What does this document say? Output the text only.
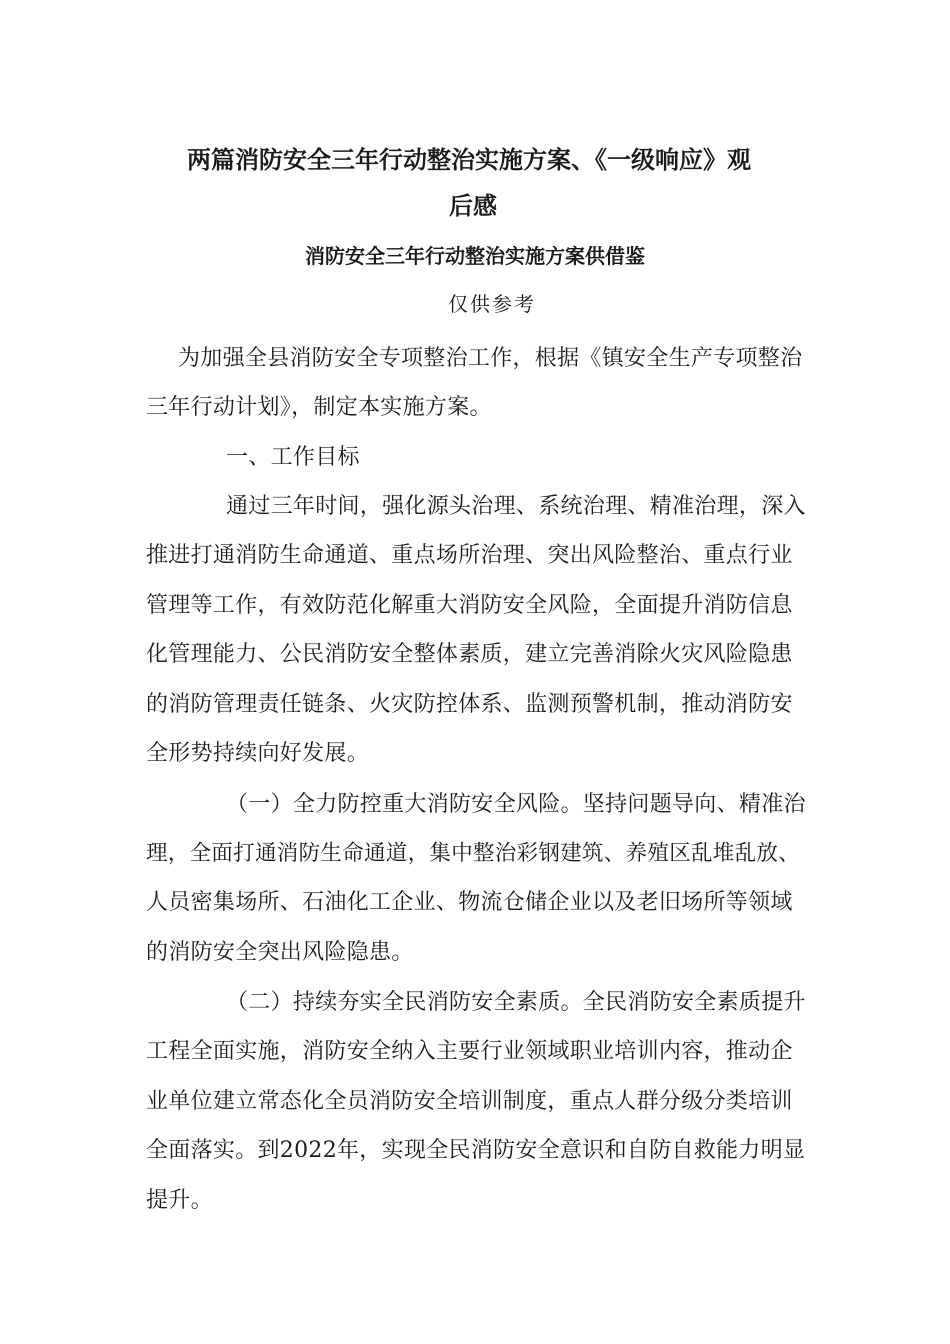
两篇消防安全三年行动整治实施方案、《一级响应》观
后感
消防安全三年行动整治实施方案供借鉴
仅供参考
为加强全县消防安全专项整治工作，根据《镇安全生产专项整治
三年行动计划》，制定本实施方案。
一、工作目标
通过三年时间，强化源头治理、系统治理、精准治理，深入
推进打通消防生命通道、重点场所治理、突出风险整治、重点行业
管理等工作，有效防范化解重大消防安全风险，全面提升消防信息
化管理能力、公民消防安全整体素质，建立完善消除火灾风险隐患
的消防管理责任链条、火灾防控体系、监测预警机制，推动消防安
全形势持续向好发展。
（一）全力防控重大消防安全风险。坚持问题导向、精准治
理，全面打通消防生命通道，集中整治彩钢建筑、养殖区乱堆乱放、
人员密集场所、石油化工企业、物流仓储企业以及老旧场所等领域
的消防安全突出风险隐患。
（二）持续夯实全民消防安全素质。全民消防安全素质提升
工程全面实施，消防安全纳入主要行业领域职业培训内容，推动企
业单位建立常态化全员消防安全培训制度，重点人群分级分类培训
全面落实。到2022年，实现全民消防安全意识和自防自救能力明显
提升。
